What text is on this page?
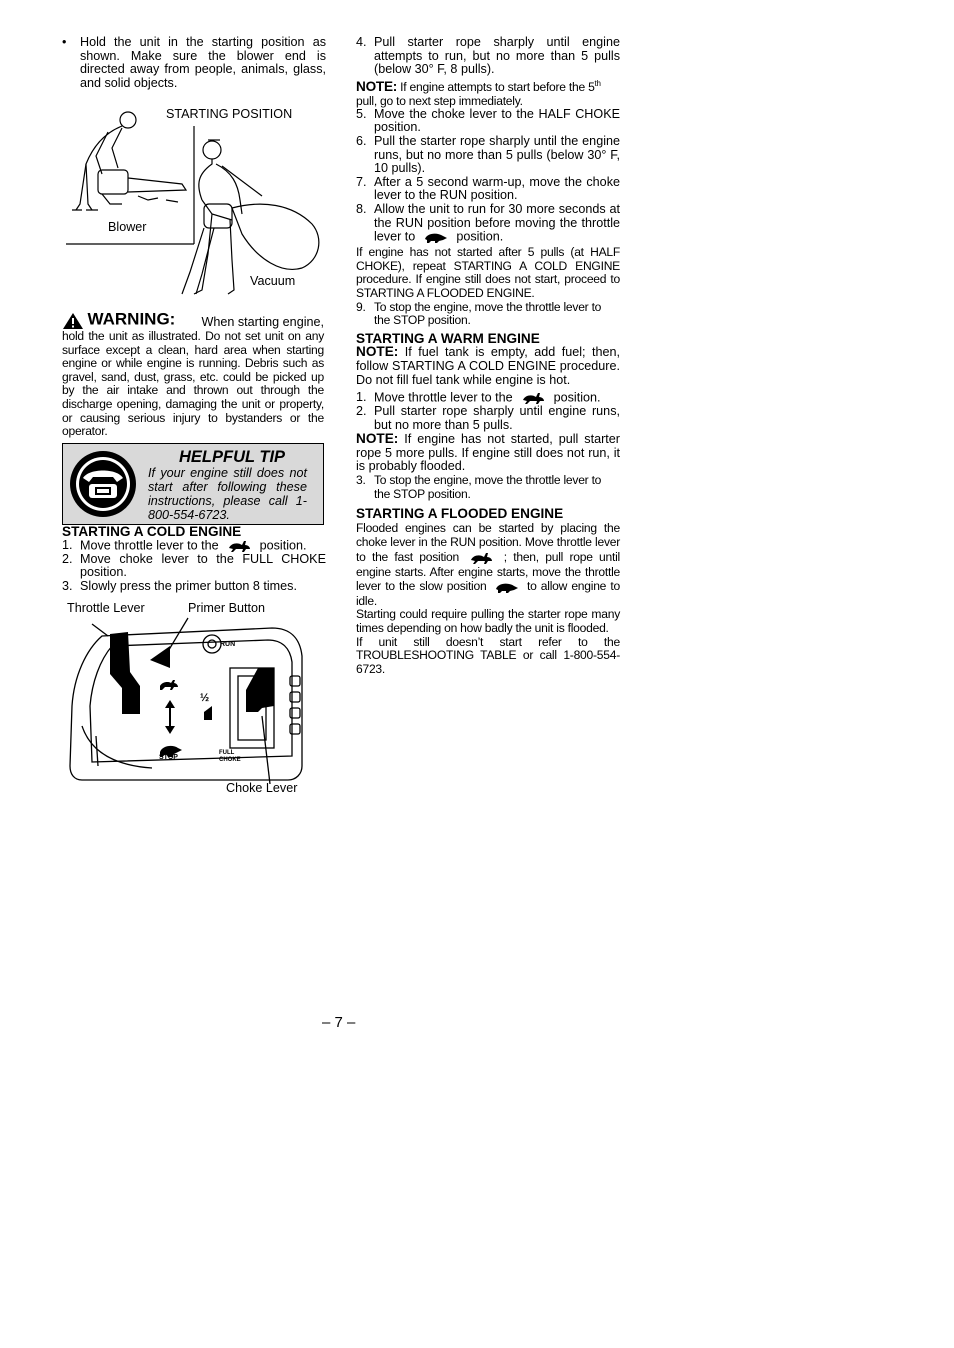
• Hold the unit in the starting position as shown. Make sure the blower end is directed away from people, animals, glass, and solid objects.
STARTING POSITION
Blower
Vacuum
WARNING: When starting engine,
hold the unit as illustrated. Do not set unit on any surface except a clean, hard area when starting engine or while engine is running. Debris such as gravel, sand, dust, grass, etc. could be picked up by the air intake and thrown out through the discharge opening, damaging the unit or property, or causing serious injury to bystanders or the operator.
HELPFUL TIP
If your engine still does not start after following these instructions, please call 1-800-554-6723.
STARTING A COLD ENGINE
1. Move throttle lever to the	position.
2. Move choke lever to the FULL CHOKE position.
3. Slowly press the primer button 8 times.
Throttle Lever	Primer Button
RUN
½
STOP
FULL
CHOKE
Choke Lever
4. Pull starter rope sharply until engine attempts to run, but no more than 5 pulls (below 30° F, 8 pulls).
NOTE: If engine attempts to start before the 5th pull, go to next step immediately.
5. Move the choke lever to the HALF CHOKE position.
6. Pull the starter rope sharply until the engine runs, but no more than 5 pulls (below 30° F, 10 pulls).
7. After a 5 second warm-up, move the choke lever to the RUN position.
8. Allow the unit to run for 30 more seconds at the RUN position before moving the throttle lever to	position.
If engine has not started after 5 pulls (at HALF CHOKE), repeat STARTING A COLD ENGINE procedure. If engine still does not start, proceed to STARTING A FLOODED ENGINE.
9. To stop the engine, move the throttle lever to the STOP position.
STARTING A WARM ENGINE
NOTE: If fuel tank is empty, add fuel; then, follow STARTING A COLD ENGINE procedure. Do not fill fuel tank while engine is hot.
1. Move throttle lever to the	position.
2. Pull starter rope sharply until engine runs, but no more than 5 pulls.
NOTE: If engine has not started, pull starter rope 5 more pulls. If engine still does not run, it is probably flooded.
3. To stop the engine, move the throttle lever to the STOP position.
STARTING A FLOODED ENGINE
Flooded engines can be started by placing the choke lever in the RUN position. Move throttle lever to the fast position	; then, pull rope until engine starts. After engine starts, move the throttle lever to the slow position	to allow engine to idle.
Starting could require pulling the starter rope many times depending on how badly the unit is flooded.
If unit still doesn’t start refer to the TROUBLESHOOTING TABLE or call 1-800-554-6723.
– 7 –
